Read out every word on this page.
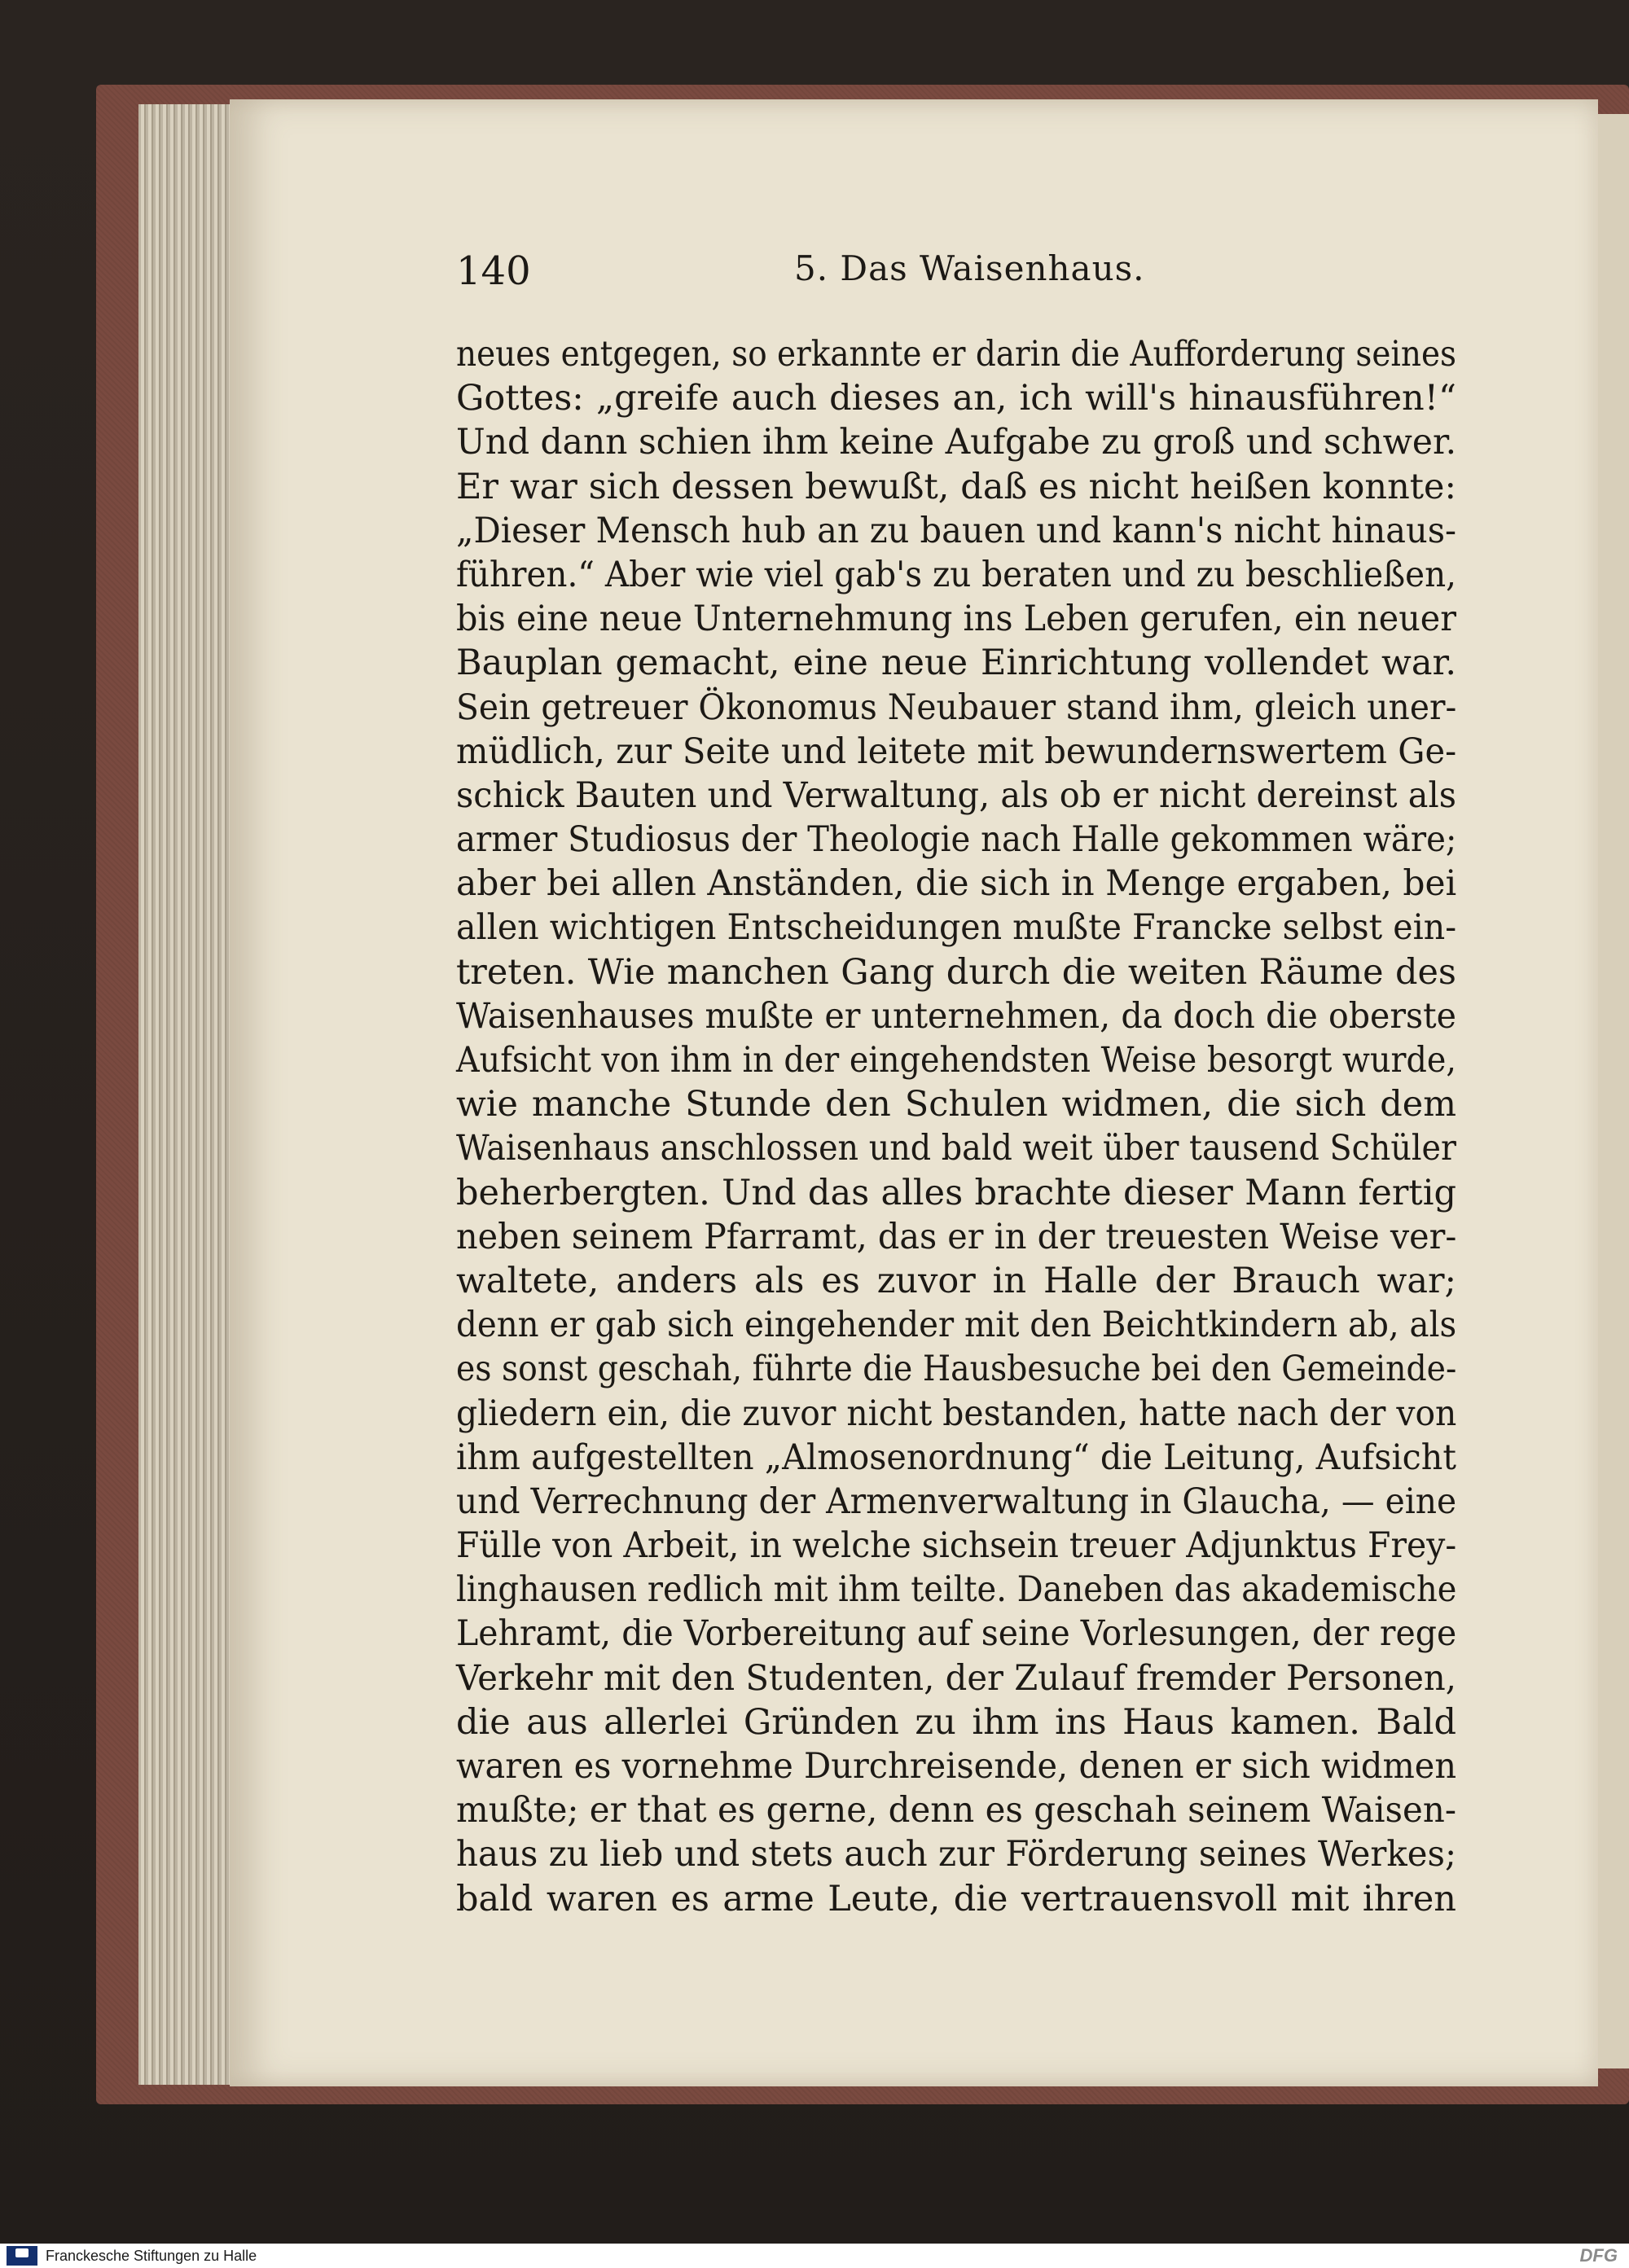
140	5. Das Waisenhaus.
neues entgegen, so erkannte er darin die Aufforderung seines
Gottes: „greife auch dieses an, ich will's hinausführen!“
Und dann schien ihm keine Aufgabe zu groß und schwer.
Er war sich dessen bewußt, daß es nicht heißen konnte:
„Dieser Mensch hub an zu bauen und kann's nicht hinaus-
führen.“ Aber wie viel gab's zu beraten und zu beschließen,
bis eine neue Unternehmung ins Leben gerufen, ein neuer
Bauplan gemacht, eine neue Einrichtung vollendet war.
Sein getreuer Ökonomus Neubauer stand ihm, gleich uner-
müdlich, zur Seite und leitete mit bewundernswertem Ge-
schick Bauten und Verwaltung, als ob er nicht dereinst als
armer Studiosus der Theologie nach Halle gekommen wäre;
aber bei allen Anständen, die sich in Menge ergaben, bei
allen wichtigen Entscheidungen mußte Francke selbst ein-
treten. Wie manchen Gang durch die weiten Räume des
Waisenhauses mußte er unternehmen, da doch die oberste
Aufsicht von ihm in der eingehendsten Weise besorgt wurde,
wie manche Stunde den Schulen widmen, die sich dem
Waisenhaus anschlossen und bald weit über tausend Schüler
beherbergten. Und das alles brachte dieser Mann fertig
neben seinem Pfarramt, das er in der treuesten Weise ver-
waltete, anders als es zuvor in Halle der Brauch war;
denn er gab sich eingehender mit den Beichtkindern ab, als
es sonst geschah, führte die Hausbesuche bei den Gemeinde-
gliedern ein, die zuvor nicht bestanden, hatte nach der von
ihm aufgestellten „Almosenordnung“ die Leitung, Aufsicht
und Verrechnung der Armenverwaltung in Glaucha, — eine
Fülle von Arbeit, in welche sichsein treuer Adjunktus Frey-
linghausen redlich mit ihm teilte. Daneben das akademische
Lehramt, die Vorbereitung auf seine Vorlesungen, der rege
Verkehr mit den Studenten, der Zulauf fremder Personen,
die aus allerlei Gründen zu ihm ins Haus kamen. Bald
waren es vornehme Durchreisende, denen er sich widmen
mußte; er that es gerne, denn es geschah seinem Waisen-
haus zu lieb und stets auch zur Förderung seines Werkes;
bald waren es arme Leute, die vertrauensvoll mit ihren
Franckesche Stiftungen zu Halle	DFG
